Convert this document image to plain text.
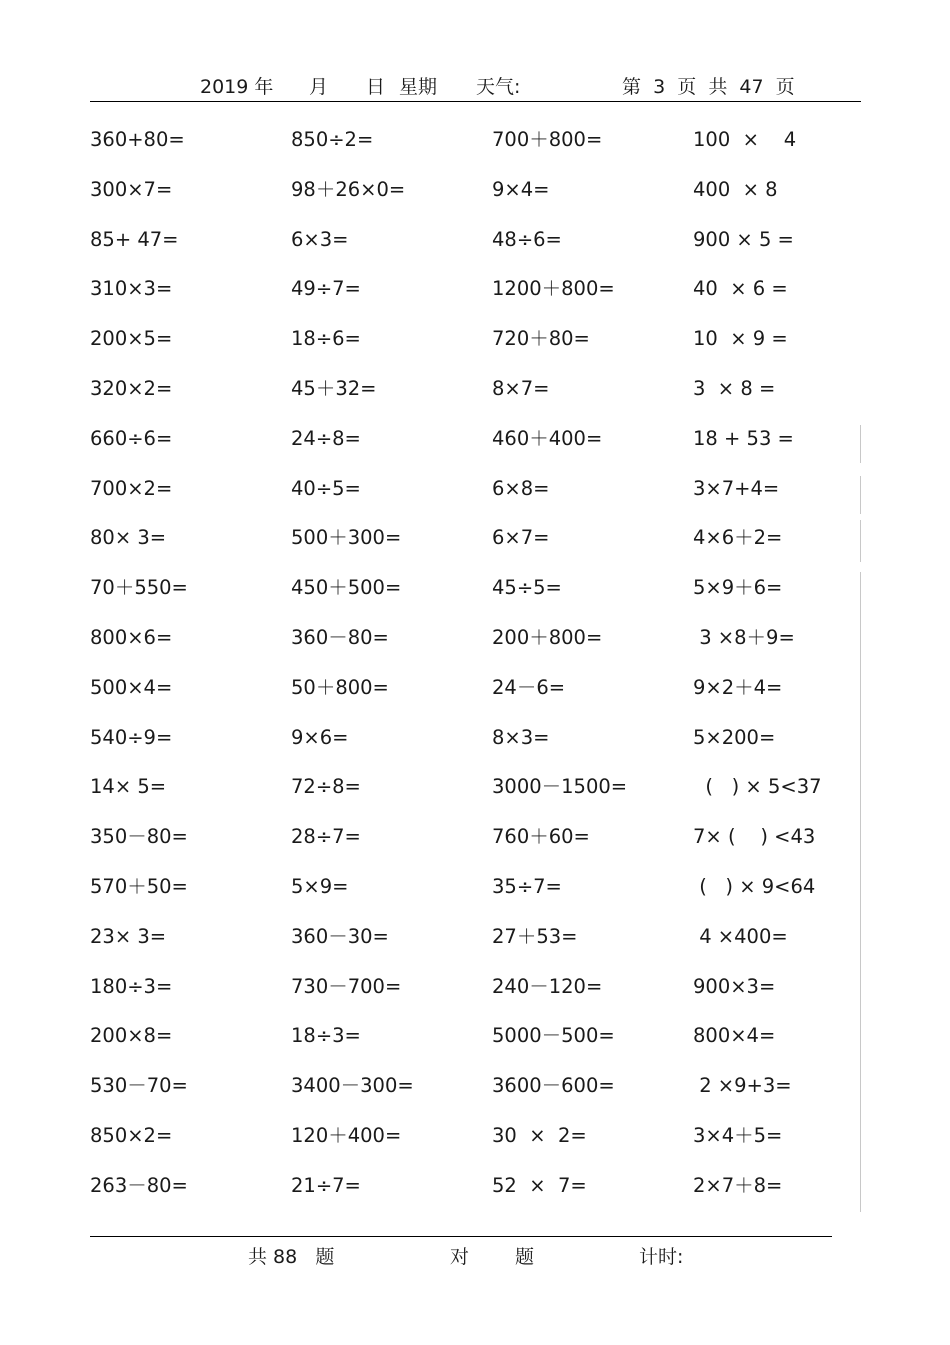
2019 年 月 日 星期 天气:	第  3  页  共  47  页
360+80=	850÷2=	700＋800=	100  ×    4
300×7=	98＋26×0=	9×4=	400  × 8
85+ 47=	6×3=	48÷6=	900 × 5 =
310×3=	49÷7=	1200＋800=	40  × 6 =
200×5=	18÷6=	720＋80=	10  × 9 =
320×2=	45＋32=	8×7=	3  × 8 =
660÷6=	24÷8=	460＋400=	18 + 53 =
700×2=	40÷5=	6×8=	3×7+4=
80× 3=	500＋300=	6×7=	4×6＋2=
70＋550=	450＋500=	45÷5=	5×9＋6=
800×6=	360－80=	200＋800=	3 ×8＋9=
500×4=	50＋800=	24－6=	9×2＋4=
540÷9=	9×6=	8×3=	5×200=
14× 5=	72÷8=	3000－1500=	(   ) × 5<37
350－80=	28÷7=	760＋60=	7× (    ) <43
570＋50=	5×9=	35÷7=	(   ) × 9<64
23× 3=	360－30=	27＋53=	4 ×400=
180÷3=	730－700=	240－120=	900×3=
200×8=	18÷3=	5000－500=	800×4=
530－70=	3400－300=	3600－600=	2 ×9+3=
850×2=	120＋400=	30  ×  2=	3×4＋5=
263－80=	21÷7=	52  ×  7=	2×7＋8=
共 88   题	对 题	计时:
